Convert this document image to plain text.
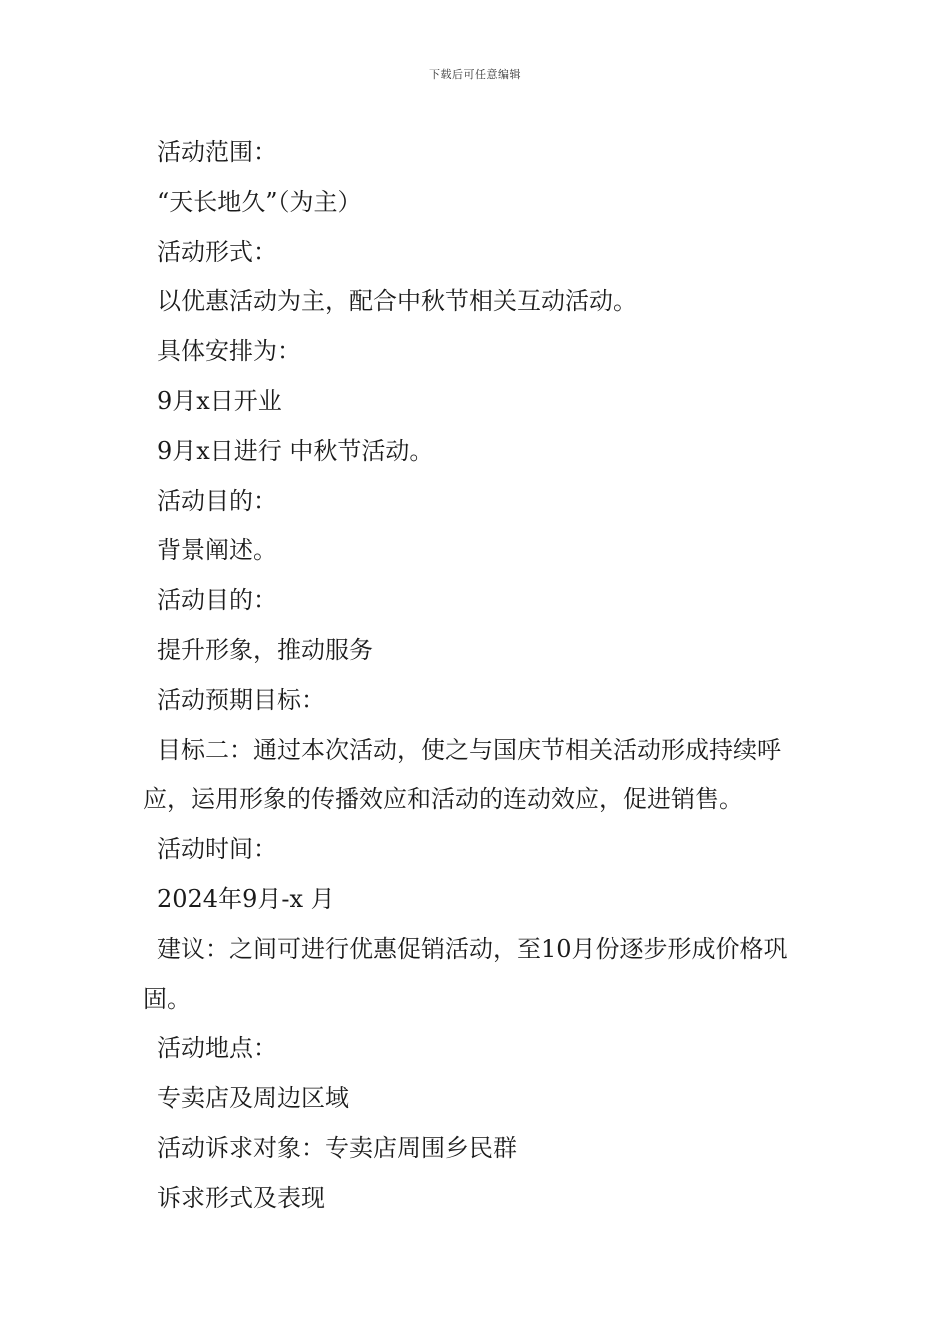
下载后可任意编辑
活动范围：
“天长地久”（为主）
活动形式：
以优惠活动为主，配合中秋节相关互动活动。
具体安排为：
9月x日开业
9月x日进行 中秋节活动。
活动目的：
背景阐述。
活动目的：
提升形象，推动服务
活动预期目标：

目标二：通过本次活动，使之与国庆节相关活动形成持续呼应，运用形象的传播效应和活动的连动效应，促进销售。

活动时间：
2024年9月-x 月

建议：之间可进行优惠促销活动，至10月份逐步形成价格巩固。

活动地点：
专卖店及周边区域
活动诉求对象：专卖店周围乡民群
诉求形式及表现
